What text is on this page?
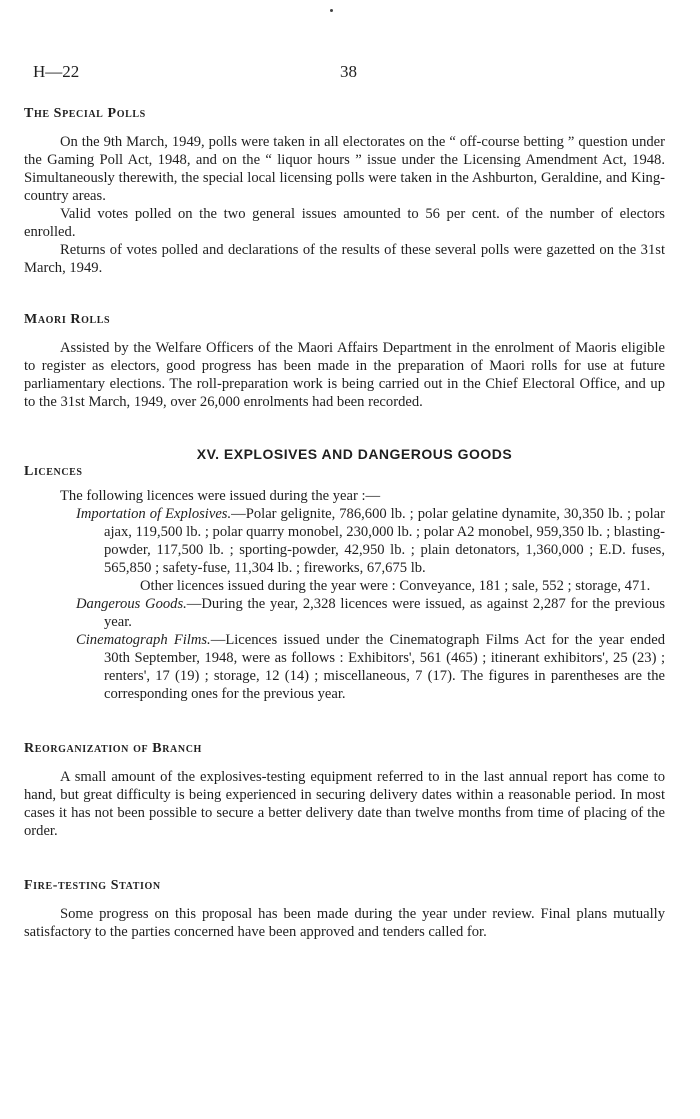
H—22	38
The Special Polls

On the 9th March, 1949, polls were taken in all electorates on the “ off-course betting ” question under the Gaming Poll Act, 1948, and on the “ liquor hours ” issue under the Licensing Amendment Act, 1948. Simultaneously therewith, the special local licensing polls were taken in the Ashburton, Geraldine, and King-country areas.

Valid votes polled on the two general issues amounted to 56 per cent. of the number of electors enrolled.

Returns of votes polled and declarations of the results of these several polls were gazetted on the 31st March, 1949.

Maori Rolls

Assisted by the Welfare Officers of the Maori Affairs Department in the enrolment of Maoris eligible to register as electors, good progress has been made in the preparation of Maori rolls for use at future parliamentary elections. The roll-preparation work is being carried out in the Chief Electoral Office, and up to the 31st March, 1949, over 26,000 enrolments had been recorded.

XV. EXPLOSIVES AND DANGEROUS GOODS
Licences
The following licences were issued during the year :—
Importation of Explosives.—Polar gelignite, 786,600 lb. ; polar gelatine dynamite, 30,350 lb. ; polar ajax, 119,500 lb. ; polar quarry monobel, 230,000 lb. ; polar A2 monobel, 959,350 lb. ; blasting-powder, 117,500 lb. ; sporting-powder, 42,950 lb. ; plain detonators, 1,360,000 ; E.D. fuses, 565,850 ; safety-fuse, 11,304 lb. ; fireworks, 67,675 lb.
Other licences issued during the year were : Conveyance, 181 ; sale, 552 ; storage, 471.
Dangerous Goods.—During the year, 2,328 licences were issued, as against 2,287 for the previous year.
Cinematograph Films.—Licences issued under the Cinematograph Films Act for the year ended 30th September, 1948, were as follows : Exhibitors', 561 (465) ; itinerant exhibitors', 25 (23) ; renters', 17 (19) ; storage, 12 (14) ; miscellaneous, 7 (17). The figures in parentheses are the corresponding ones for the previous year.
Reorganization of Branch

A small amount of the explosives-testing equipment referred to in the last annual report has come to hand, but great difficulty is being experienced in securing delivery dates within a reasonable period. In most cases it has not been possible to secure a better delivery date than twelve months from time of placing of the order.

Fire-testing Station

Some progress on this proposal has been made during the year under review. Final plans mutually satisfactory to the parties concerned have been approved and tenders called for.
